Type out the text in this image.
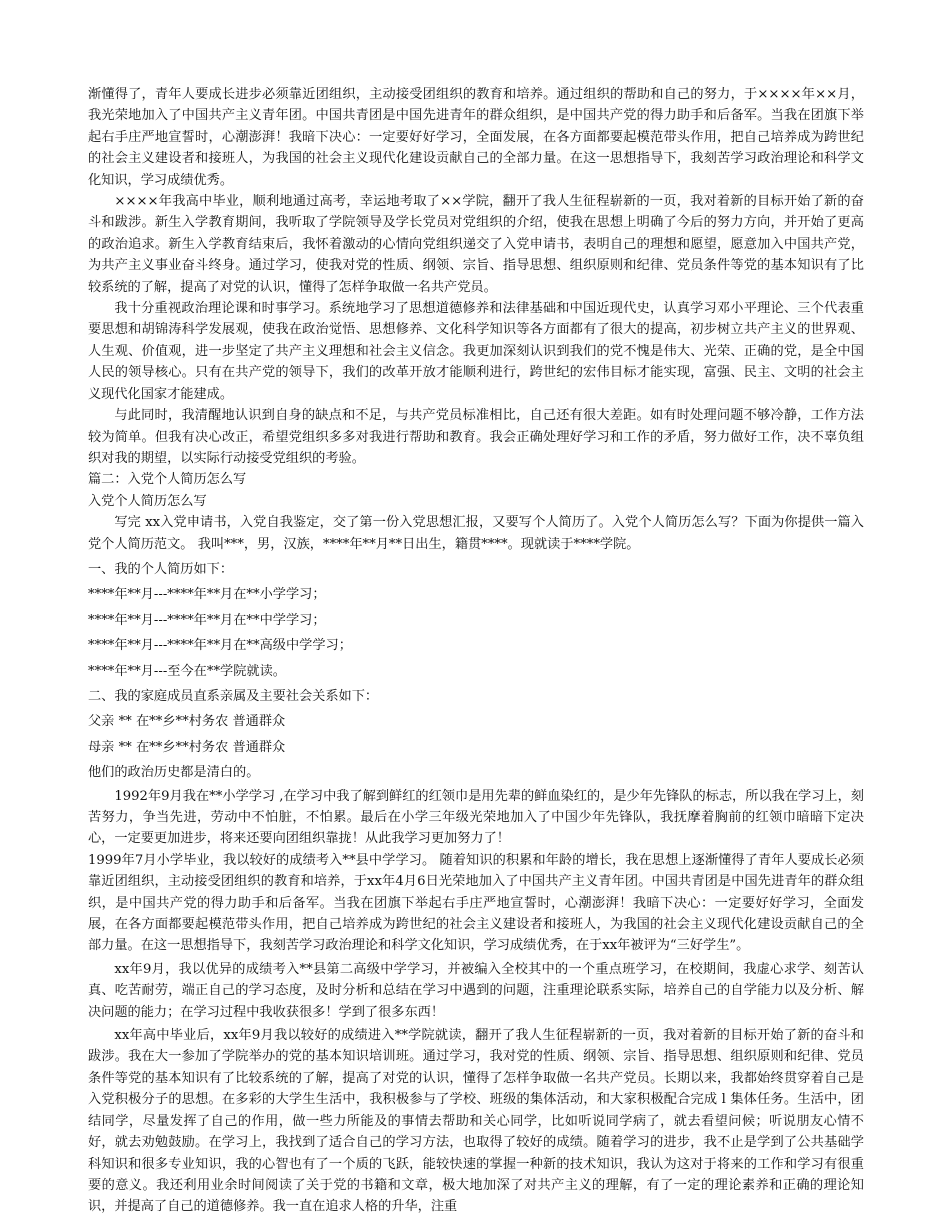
渐懂得了，青年人要成长进步必须靠近团组织，主动接受团组织的教育和培养。通过组织的帮助和自己的努力，于××××年××月，我光荣地加入了中国共产主义青年团。中国共青团是中国先进青年的群众组织，是中国共产党的得力助手和后备军。当我在团旗下举起右手庄严地宣誓时，心潮澎湃！我暗下决心：一定要好好学习，全面发展，在各方面都要起模范带头作用，把自己培养成为跨世纪的社会主义建设者和接班人，为我国的社会主义现代化建设贡献自己的全部力量。在这一思想指导下，我刻苦学习政治理论和科学文化知识，学习成绩优秀。

××××年我高中毕业，顺利地通过高考，幸运地考取了××学院，翻开了我人生征程崭新的一页，我对着新的目标开始了新的奋斗和跋涉。新生入学教育期间，我听取了学院领导及学长党员对党组织的介绍，使我在思想上明确了今后的努力方向，并开始了更高的政治追求。新生入学教育结束后，我怀着激动的心情向党组织递交了入党申请书，表明自己的理想和愿望，愿意加入中国共产党，为共产主义事业奋斗终身。通过学习，使我对党的性质、纲领、宗旨、指导思想、组织原则和纪律、党员条件等党的基本知识有了比较系统的了解，提高了对党的认识，懂得了怎样争取做一名共产党员。

我十分重视政治理论课和时事学习。系统地学习了思想道德修养和法律基础和中国近现代史，认真学习邓小平理论、三个代表重要思想和胡锦涛科学发展观，使我在政治觉悟、思想修养、文化科学知识等各方面都有了很大的提高，初步树立共产主义的世界观、人生观、价值观，进一步坚定了共产主义理想和社会主义信念。我更加深刻认识到我们的党不愧是伟大、光荣、正确的党，是全中国人民的领导核心。只有在共产党的领导下，我们的改革开放才能顺利进行，跨世纪的宏伟目标才能实现，富强、民主、文明的社会主义现代化国家才能建成。

与此同时，我清醒地认识到自身的缺点和不足，与共产党员标准相比，自己还有很大差距。如有时处理问题不够冷静，工作方法较为简单。但我有决心改正，希望党组织多多对我进行帮助和教育。我会正确处理好学习和工作的矛盾，努力做好工作，决不辜负组织对我的期望，以实际行动接受党组织的考验。

篇二：入党个人简历怎么写

入党个人简历怎么写

写完 xx入党申请书，入党自我鉴定，交了第一份入党思想汇报，又要写个人简历了。入党个人简历怎么写？下面为你提供一篇入党个人简历范文。 我叫***，男，汉族，****年**月**日出生，籍贯****。现就读于****学院。

一、我的个人简历如下：

****年**月---****年**月在**小学学习；

****年**月---****年**月在**中学学习；

****年**月---****年**月在**高级中学学习；

****年**月---至今在**学院就读。

二、我的家庭成员直系亲属及主要社会关系如下：

父亲 ** 在**乡**村务农 普通群众

母亲 ** 在**乡**村务农 普通群众

他们的政治历史都是清白的。

1992年9月我在**小学学习 ,在学习中我了解到鲜红的红领巾是用先辈的鲜血染红的，是少年先锋队的标志，所以我在学习上，刻苦努力，争当先进，劳动中不怕脏，不怕累。最后在小学三年级光荣地加入了中国少年先锋队，我抚摩着胸前的红领巾暗暗下定决心，一定要更加进步，将来还要向团组织靠拢！从此我学习更加努力了！

1999年7月小学毕业，我以较好的成绩考入**县中学学习。 随着知识的积累和年龄的增长，我在思想上逐渐懂得了青年人要成长必须靠近团组织，主动接受团组织的教育和培养，于xx年4月6日光荣地加入了中国共产主义青年团。中国共青团是中国先进青年的群众组织，是中国共产党的得力助手和后备军。当我在团旗下举起右手庄严地宣誓时，心潮澎湃！我暗下决心：一定要好好学习，全面发展，在各方面都要起模范带头作用，把自己培养成为跨世纪的社会主义建设者和接班人，为我国的社会主义现代化建设贡献自己的全部力量。在这一思想指导下，我刻苦学习政治理论和科学文化知识，学习成绩优秀，在于xx年被评为“三好学生”。

xx年9月，我以优异的成绩考入**县第二高级中学学习，并被编入全校其中的一个重点班学习，在校期间，我虚心求学、刻苦认真、吃苦耐劳，端正自己的学习态度，及时分析和总结在学习中遇到的问题，注重理论联系实际，培养自己的自学能力以及分析、解决问题的能力；在学习过程中我收获很多！学到了很多东西！

xx年高中毕业后，xx年9月我以较好的成绩进入**学院就读，翻开了我人生征程崭新的一页，我对着新的目标开始了新的奋斗和跋涉。我在大一参加了学院举办的党的基本知识培训班。通过学习，我对党的性质、纲领、宗旨、指导思想、组织原则和纪律、党员条件等党的基本知识有了比较系统的了解，提高了对党的认识，懂得了怎样争取做一名共产党员。长期以来，我都始终贯穿着自己是入党积极分子的思想。在多彩的大学生生活中，我积极参与了学校、班级的集体活动，和大家积极配合完成 l 集体任务。生活中，团结同学，尽量发挥了自己的作用，做一些力所能及的事情去帮助和关心同学，比如听说同学病了，就去看望问候；听说朋友心情不好，就去劝勉鼓励。在学习上，我找到了适合自己的学习方法，也取得了较好的成绩。随着学习的进步，我不止是学到了公共基础学科知识和很多专业知识，我的心智也有了一个质的飞跃，能较快速的掌握一种新的技术知识，我认为这对于将来的工作和学习有很重要的意义。我还利用业余时间阅读了关于党的书籍和文章，极大地加深了对共产主义的理解，有了一定的理论素养和正确的理论知识，并提高了自己的道德修养。我一直在追求人格的升华，注重
